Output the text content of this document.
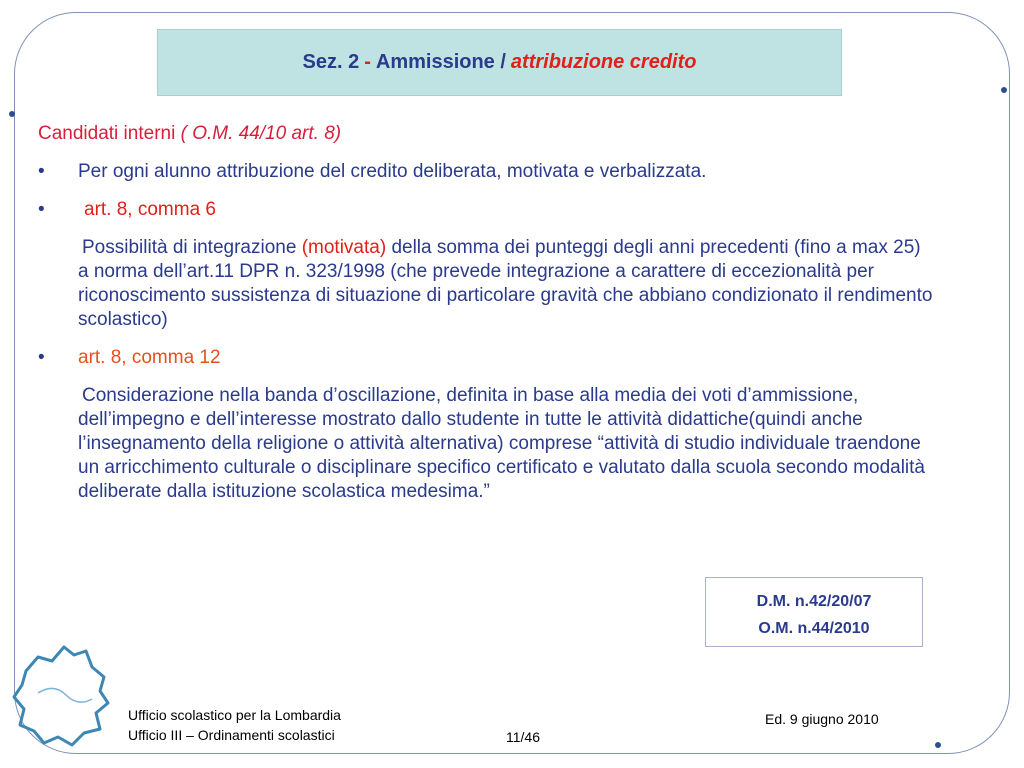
Sez. 2 - Ammissione / attribuzione credito

Candidati interni ( O.M. 44/10 art. 8)

• Per ogni alunno attribuzione del credito deliberata, motivata e verbalizzata.

• art. 8, comma 6

Possibilità di integrazione (motivata) della somma dei punteggi degli anni precedenti (fino a max 25)
a norma dell’art.11 DPR n. 323/1998 (che prevede integrazione a carattere di eccezionalità per riconoscimento sussistenza di situazione di particolare gravità che abbiano condizionato il rendimento scolastico)

• art. 8, comma 12

Considerazione nella banda d’oscillazione, definita in base alla media dei voti d’ammissione, dell’impegno e dell’interesse mostrato dallo studente in tutte le attività didattiche(quindi anche l’insegnamento della religione o attività alternativa) comprese “attività di studio individuale traendone un arricchimento culturale o disciplinare specifico certificato e valutato dalla scuola secondo modalità deliberate dalla istituzione scolastica medesima.”

D.M. n.42/20/07
O.M. n.44/2010
Ufficio scolastico per la Lombardia
Ufficio III – Ordinamenti scolastici	11/46
Ed. 9 giugno 2010
